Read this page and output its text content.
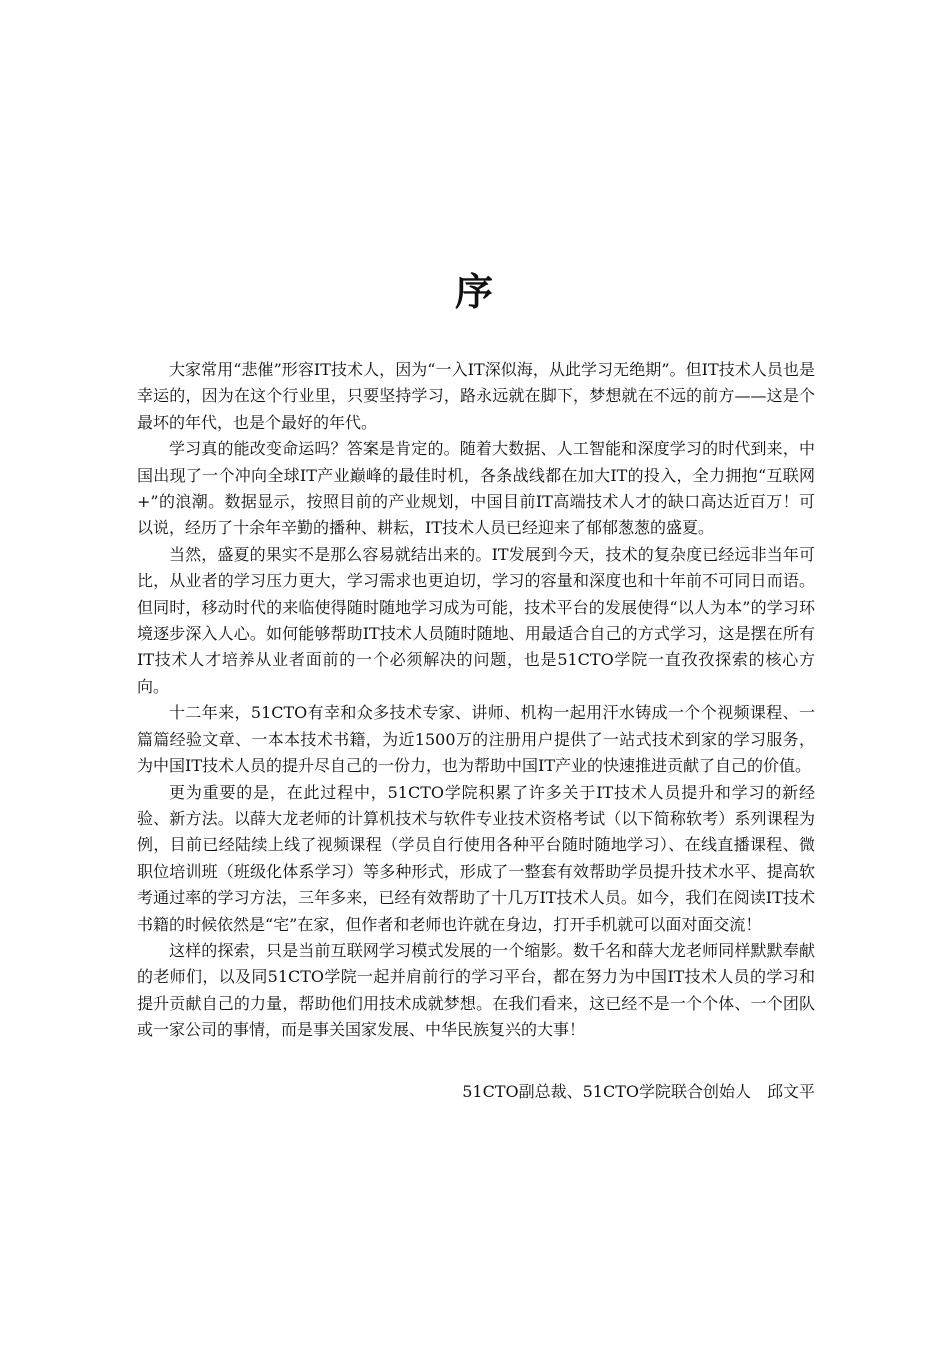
序

大家常用“悲催”形容IT技术人，因为“一入IT深似海，从此学习无绝期”。但IT技术人员也是幸运的，因为在这个行业里，只要坚持学习，路永远就在脚下，梦想就在不远的前方——这是个最坏的年代，也是个最好的年代。

学习真的能改变命运吗？答案是肯定的。随着大数据、人工智能和深度学习的时代到来，中国出现了一个冲向全球IT产业巅峰的最佳时机，各条战线都在加大IT的投入，全力拥抱“互联网+”的浪潮。数据显示，按照目前的产业规划，中国目前IT高端技术人才的缺口高达近百万！可以说，经历了十余年辛勤的播种、耕耘，IT技术人员已经迎来了郁郁葱葱的盛夏。

当然，盛夏的果实不是那么容易就结出来的。IT发展到今天，技术的复杂度已经远非当年可比，从业者的学习压力更大，学习需求也更迫切，学习的容量和深度也和十年前不可同日而语。但同时，移动时代的来临使得随时随地学习成为可能，技术平台的发展使得“以人为本”的学习环境逐步深入人心。如何能够帮助IT技术人员随时随地、用最适合自己的方式学习，这是摆在所有IT技术人才培养从业者面前的一个必须解决的问题，也是51CTO学院一直孜孜探索的核心方向。

十二年来，51CTO有幸和众多技术专家、讲师、机构一起用汗水铸成一个个视频课程、一篇篇经验文章、一本本技术书籍，为近1500万的注册用户提供了一站式技术到家的学习服务，为中国IT技术人员的提升尽自己的一份力，也为帮助中国IT产业的快速推进贡献了自己的价值。

更为重要的是，在此过程中，51CTO学院积累了许多关于IT技术人员提升和学习的新经验、新方法。以薛大龙老师的计算机技术与软件专业技术资格考试（以下简称软考）系列课程为例，目前已经陆续上线了视频课程（学员自行使用各种平台随时随地学习）、在线直播课程、微职位培训班（班级化体系学习）等多种形式，形成了一整套有效帮助学员提升技术水平、提高软考通过率的学习方法，三年多来，已经有效帮助了十几万IT技术人员。如今，我们在阅读IT技术书籍的时候依然是“宅”在家，但作者和老师也许就在身边，打开手机就可以面对面交流！

这样的探索，只是当前互联网学习模式发展的一个缩影。数千名和薛大龙老师同样默默奉献的老师们，以及同51CTO学院一起并肩前行的学习平台，都在努力为中国IT技术人员的学习和提升贡献自己的力量，帮助他们用技术成就梦想。在我们看来，这已经不是一个个体、一个团队或一家公司的事情，而是事关国家发展、中华民族复兴的大事！

51CTO副总裁、51CTO学院联合创始人　邱文平
